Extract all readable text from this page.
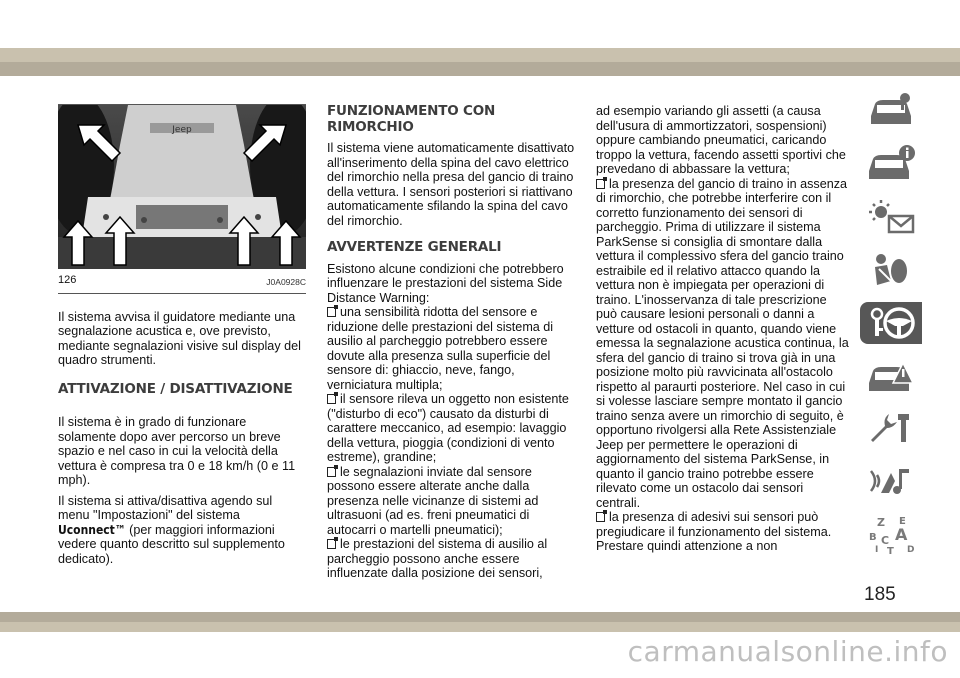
Jeep
126	J0A0928C

Il sistema avvisa il guidatore mediante una segnalazione acustica e, ove previsto, mediante segnalazioni visive sul display del quadro strumenti.

ATTIVAZIONE / DISATTIVAZIONE

Il sistema è in grado di funzionare solamente dopo aver percorso un breve spazio e nel caso in cui la velocità della vettura è compresa tra 0 e 18 km/h (0 e 11 mph).

Il sistema si attiva/disattiva agendo sul menu "Impostazioni" del sistema Uconnect™ (per maggiori informazioni vedere quanto descritto sul supplemento dedicato).

FUNZIONAMENTO CON RIMORCHIO

Il sistema viene automaticamente disattivato all'inserimento della spina del cavo elettrico del rimorchio nella presa del gancio di traino della vettura. I sensori posteriori si riattivano automaticamente sfilando la spina del cavo del rimorchio.

AVVERTENZE GENERALI

Esistono alcune condizioni che potrebbero influenzare le prestazioni del sistema Side Distance Warning:

una sensibilità ridotta del sensore e riduzione delle prestazioni del sistema di ausilio al parcheggio potrebbero essere dovute alla presenza sulla superficie del sensore di: ghiaccio, neve, fango, verniciatura multipla;
il sensore rileva un oggetto non esistente ("disturbo di eco") causato da disturbi di carattere meccanico, ad esempio: lavaggio della vettura, pioggia (condizioni di vento estreme), grandine;
le segnalazioni inviate dal sensore possono essere alterate anche dalla presenza nelle vicinanze di sistemi ad ultrasuoni (ad es. freni pneumatici di autocarri o martelli pneumatici);
le prestazioni del sistema di ausilio al parcheggio possono anche essere influenzate dalla posizione dei sensori,
ad esempio variando gli assetti (a causa dell'usura di ammortizzatori, sospensioni) oppure cambiando pneumatici, caricando troppo la vettura, facendo assetti sportivi che prevedano di abbassare la vettura;
la presenza del gancio di traino in assenza di rimorchio, che potrebbe interferire con il corretto funzionamento dei sensori di parcheggio. Prima di utilizzare il sistema ParkSense si consiglia di smontare dalla vettura il complessivo sfera del gancio traino estraibile ed il relativo attacco quando la vettura non è impiegata per operazioni di traino. L'inosservanza di tale prescrizione può causare lesioni personali o danni a vetture od ostacoli in quanto, quando viene emessa la segnalazione acustica continua, la sfera del gancio di traino si trova già in una posizione molto più ravvicinata all'ostacolo rispetto al paraurti posteriore. Nel caso in cui si volesse lasciare sempre montato il gancio traino senza avere un rimorchio di seguito, è opportuno rivolgersi alla Rete Assistenziale Jeep per permettere le operazioni di aggiornamento del sistema ParkSense, in quanto il gancio traino potrebbe essere rilevato come un ostacolo dai sensori centrali.
la presenza di adesivi sui sensori può pregiudicare il funzionamento del sistema. Prestare quindi attenzione a non
Z E
B A
I
C
T D
185
carmanualsonline.info
